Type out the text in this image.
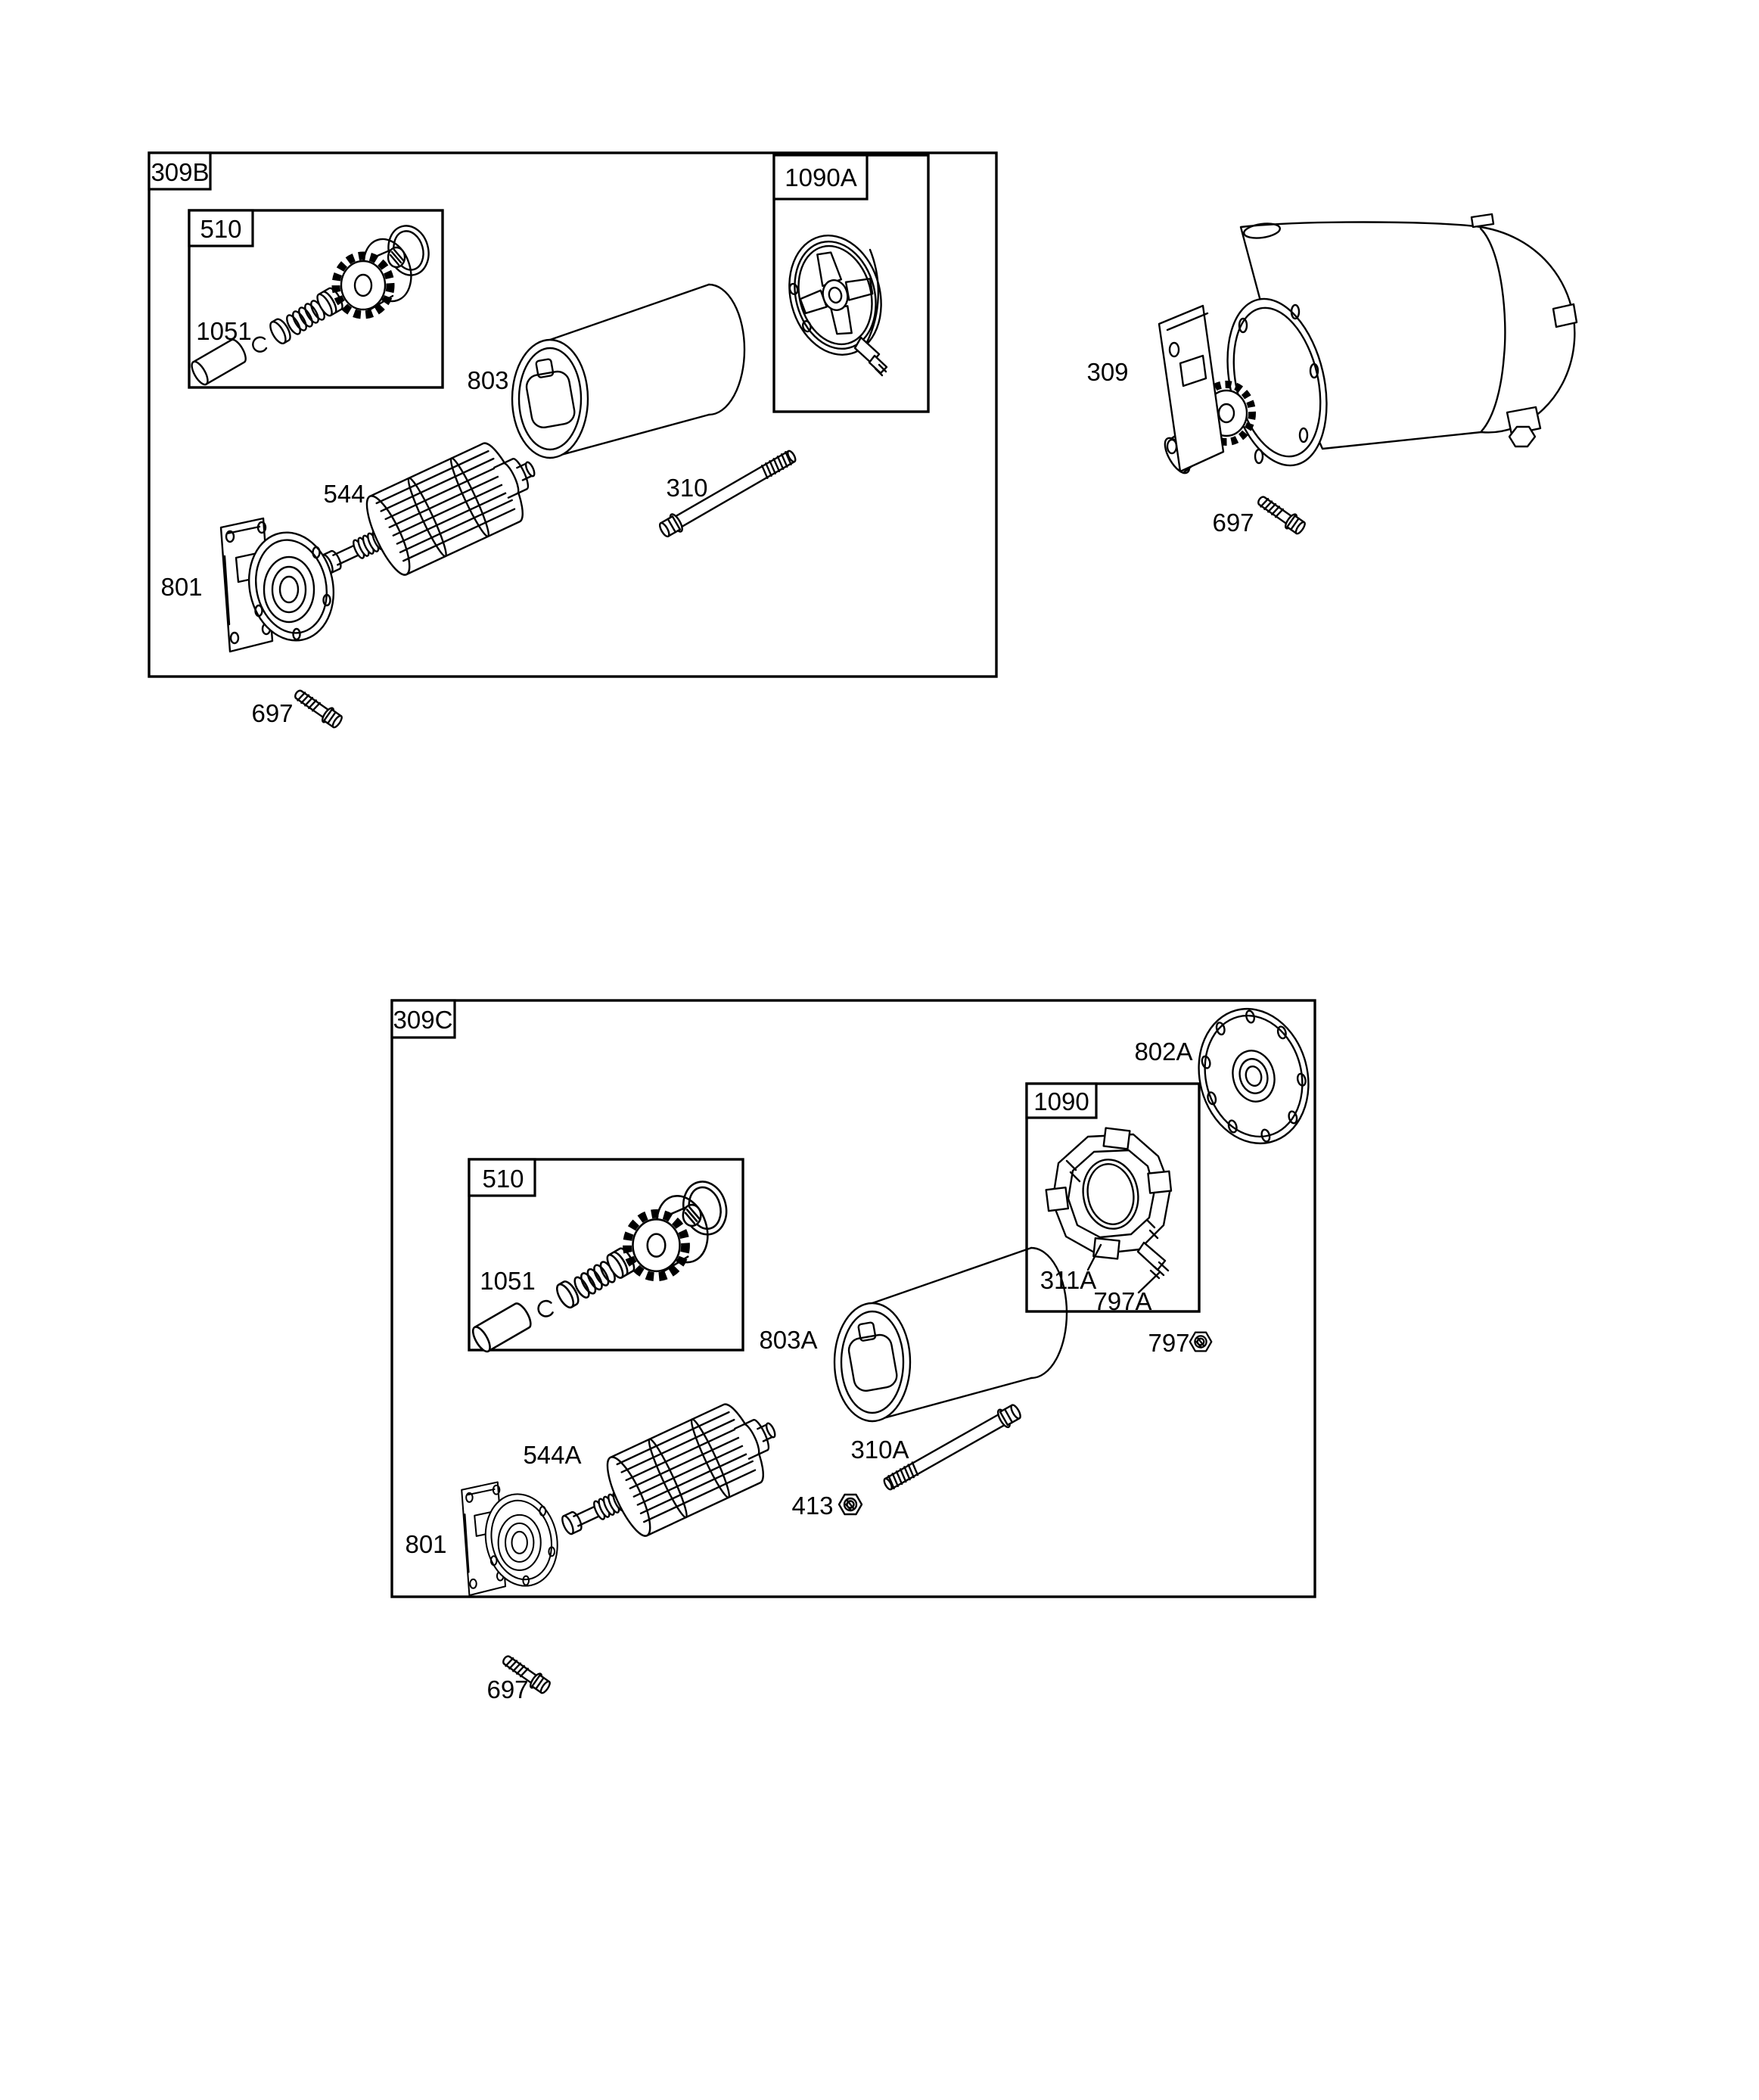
309B
510
1051
1090A
803
544	310
801
697
309
697
309C
802A
1090
311A
797A
797
510
1051
803A
544A	310A
413
801
697
